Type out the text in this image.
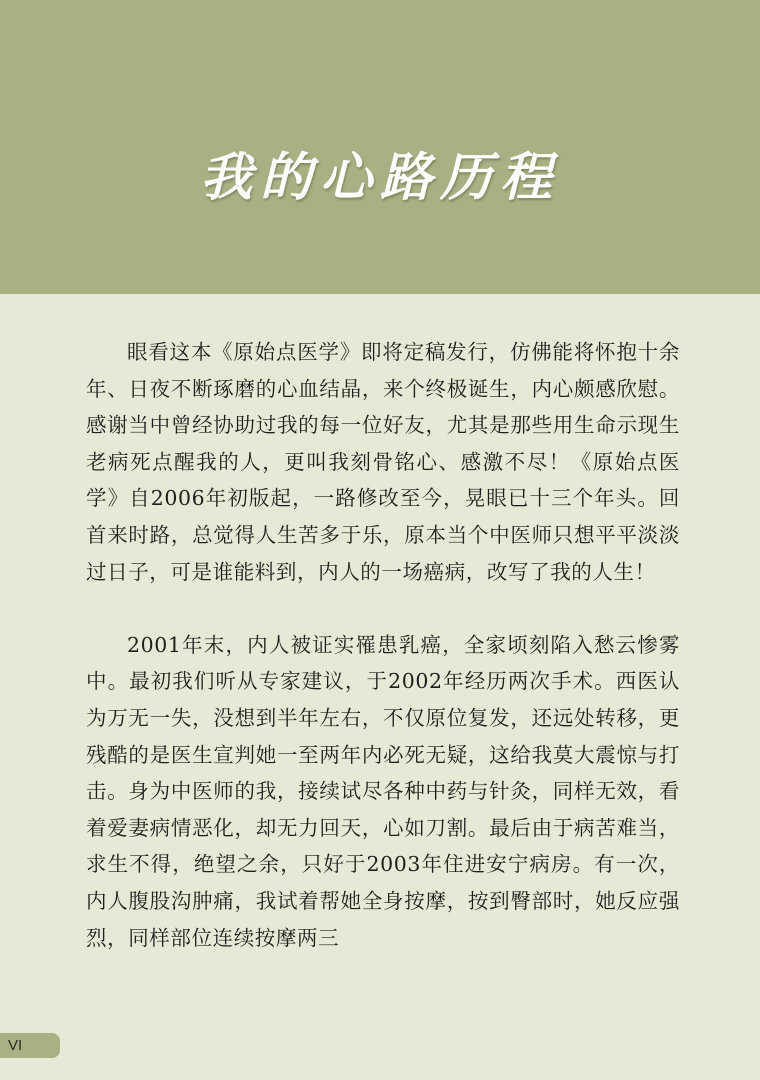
我的心路历程

眼看这本《原始点医学》即将定稿发行，仿佛能将怀抱十余年、日夜不断琢磨的心血结晶，来个终极诞生，内心颇感欣慰。感谢当中曾经协助过我的每一位好友，尤其是那些用生命示现生老病死点醒我的人，更叫我刻骨铭心、感激不尽！《原始点医学》自2006年初版起，一路修改至今，晃眼已十三个年头。回首来时路，总觉得人生苦多于乐，原本当个中医师只想平平淡淡过日子，可是谁能料到，内人的一场癌病，改写了我的人生！

2001年末，内人被证实罹患乳癌，全家顷刻陷入愁云惨雾中。最初我们听从专家建议，于2002年经历两次手术。西医认为万无一失，没想到半年左右，不仅原位复发，还远处转移，更残酷的是医生宣判她一至两年内必死无疑，这给我莫大震惊与打击。身为中医师的我，接续试尽各种中药与针灸，同样无效，看着爱妻病情恶化，却无力回天，心如刀割。最后由于病苦难当，求生不得，绝望之余，只好于2003年住进安宁病房。有一次，内人腹股沟肿痛，我试着帮她全身按摩，按到臀部时，她反应强烈，同样部位连续按摩两三

VI
